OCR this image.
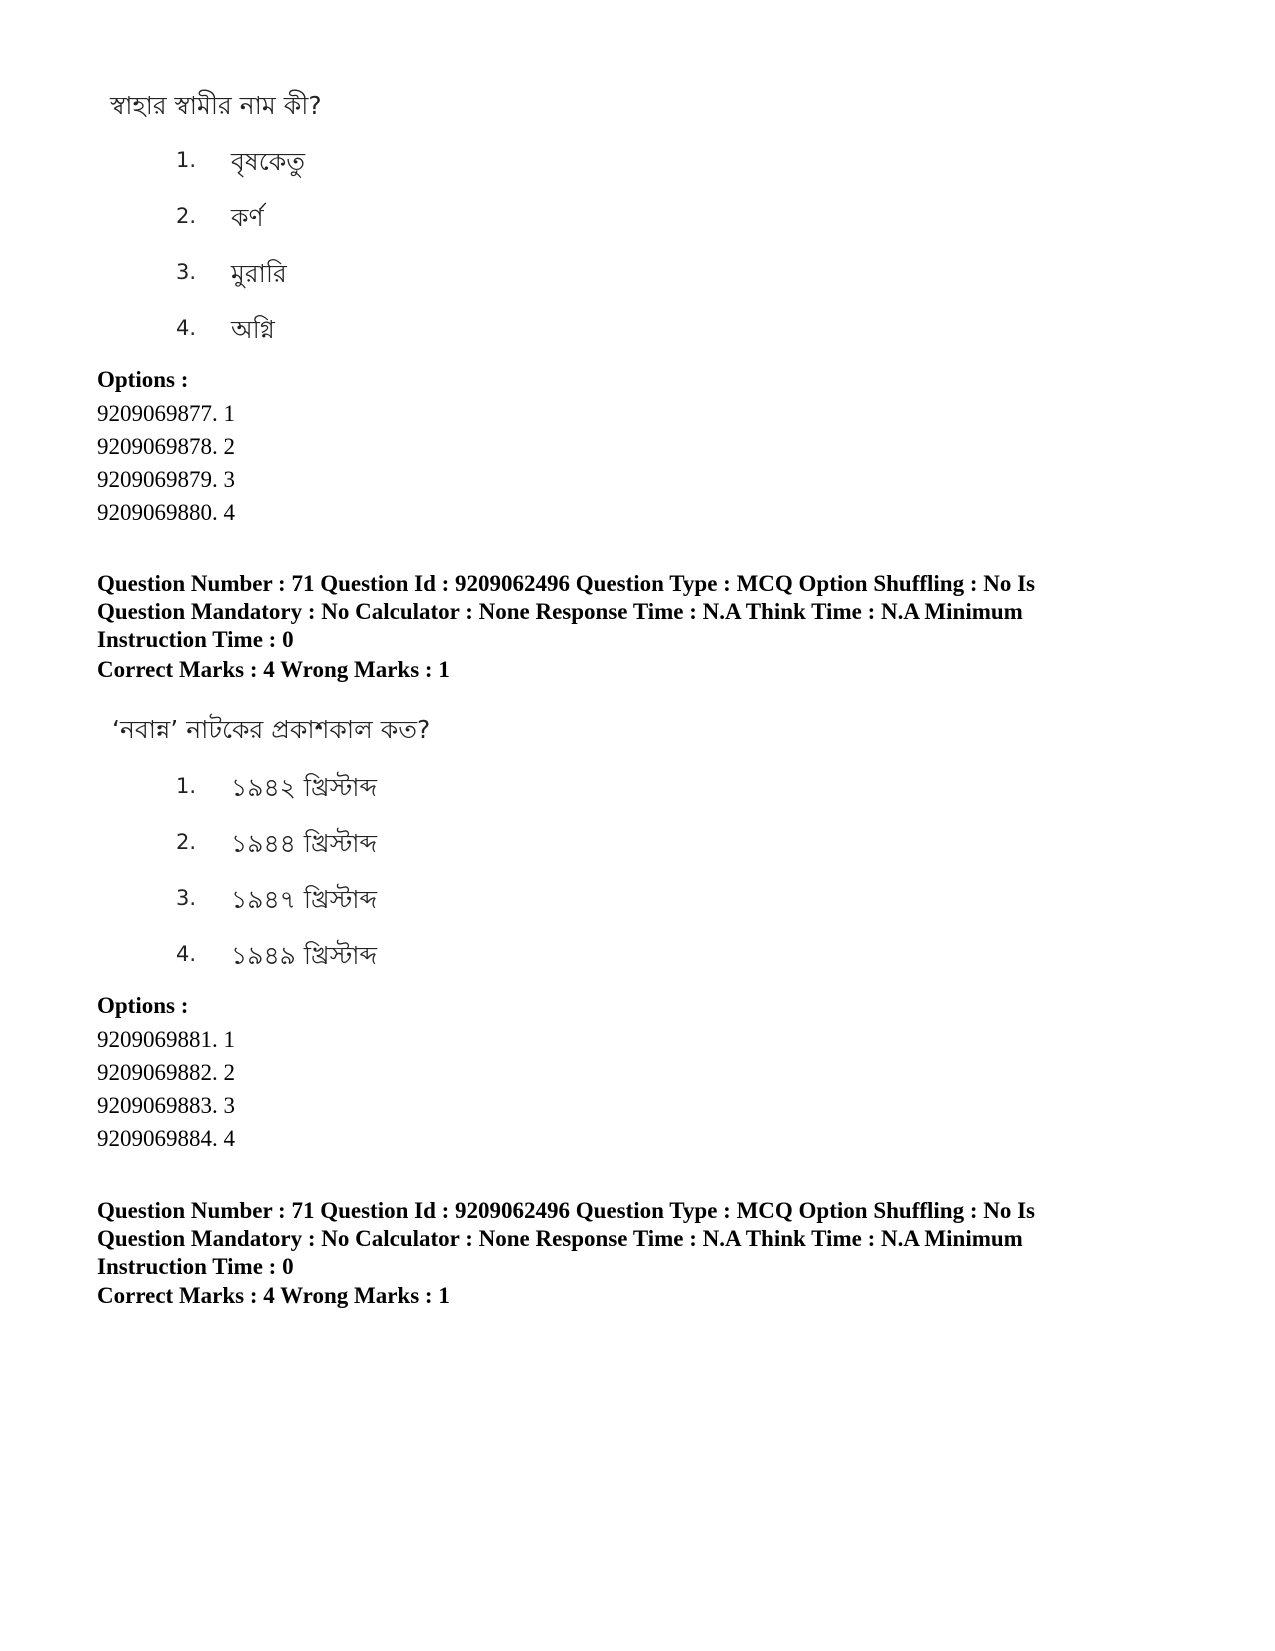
স্বাহার স্বামীর নাম কী?
1. বৃষকেতু
2. কর্ণ
3. মুরারি
4. অগ্নি
Options :
9209069877. 1
9209069878. 2
9209069879. 3
9209069880. 4
Question Number : 71 Question Id : 9209062496 Question Type : MCQ Option Shuffling : No Is
Question Mandatory : No Calculator : None Response Time : N.A Think Time : N.A Minimum
Instruction Time : 0
Correct Marks : 4 Wrong Marks : 1
‘নবান্ন’ নাটকের প্রকাশকাল কত?
1. ১৯৪২ খ্রিস্টাব্দ
2. ১৯৪৪ খ্রিস্টাব্দ
3. ১৯৪৭ খ্রিস্টাব্দ
4. ১৯৪৯ খ্রিস্টাব্দ
Options :
9209069881. 1
9209069882. 2
9209069883. 3
9209069884. 4
Question Number : 71 Question Id : 9209062496 Question Type : MCQ Option Shuffling : No Is
Question Mandatory : No Calculator : None Response Time : N.A Think Time : N.A Minimum
Instruction Time : 0
Correct Marks : 4 Wrong Marks : 1
